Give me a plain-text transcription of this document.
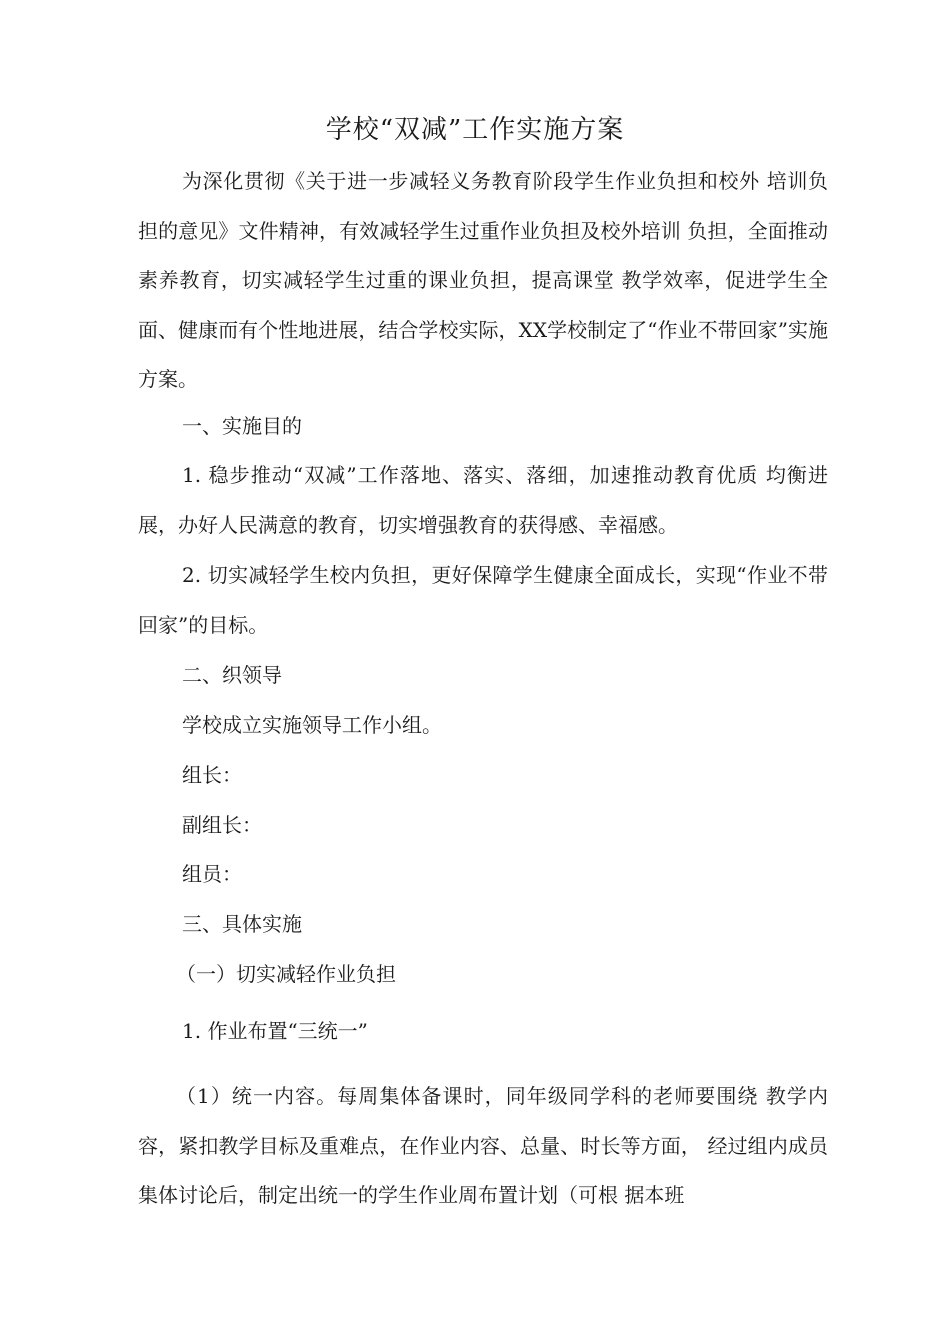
学校“双减”工作实施方案
为深化贯彻《关于进一步减轻义务教育阶段学生作业负担和校外 培训负担的意见》文件精神，有效减轻学生过重作业负担及校外培训 负担，全面推动素养教育，切实减轻学生过重的课业负担，提高课堂 教学效率，促进学生全面、健康而有个性地进展，结合学校实际，XX学校制定了“作业不带回家”实施方案。
一、实施目的
1. 稳步推动“双减”工作落地、落实、落细，加速推动教育优质 均衡进展，办好人民满意的教育，切实增强教育的获得感、幸福感。
2. 切实减轻学生校内负担，更好保障学生健康全面成长，实现“作业不带回家”的目标。
二、织领导
学校成立实施领导工作小组。
组长：
副组长：
组员：
三、具体实施
（一）切实减轻作业负担
1. 作业布置“三统一”
（1）统一内容。每周集体备课时，同年级同学科的老师要围绕 教学内容，紧扣教学目标及重难点，在作业内容、总量、时长等方面， 经过组内成员集体讨论后，制定出统一的学生作业周布置计划（可根 据本班
